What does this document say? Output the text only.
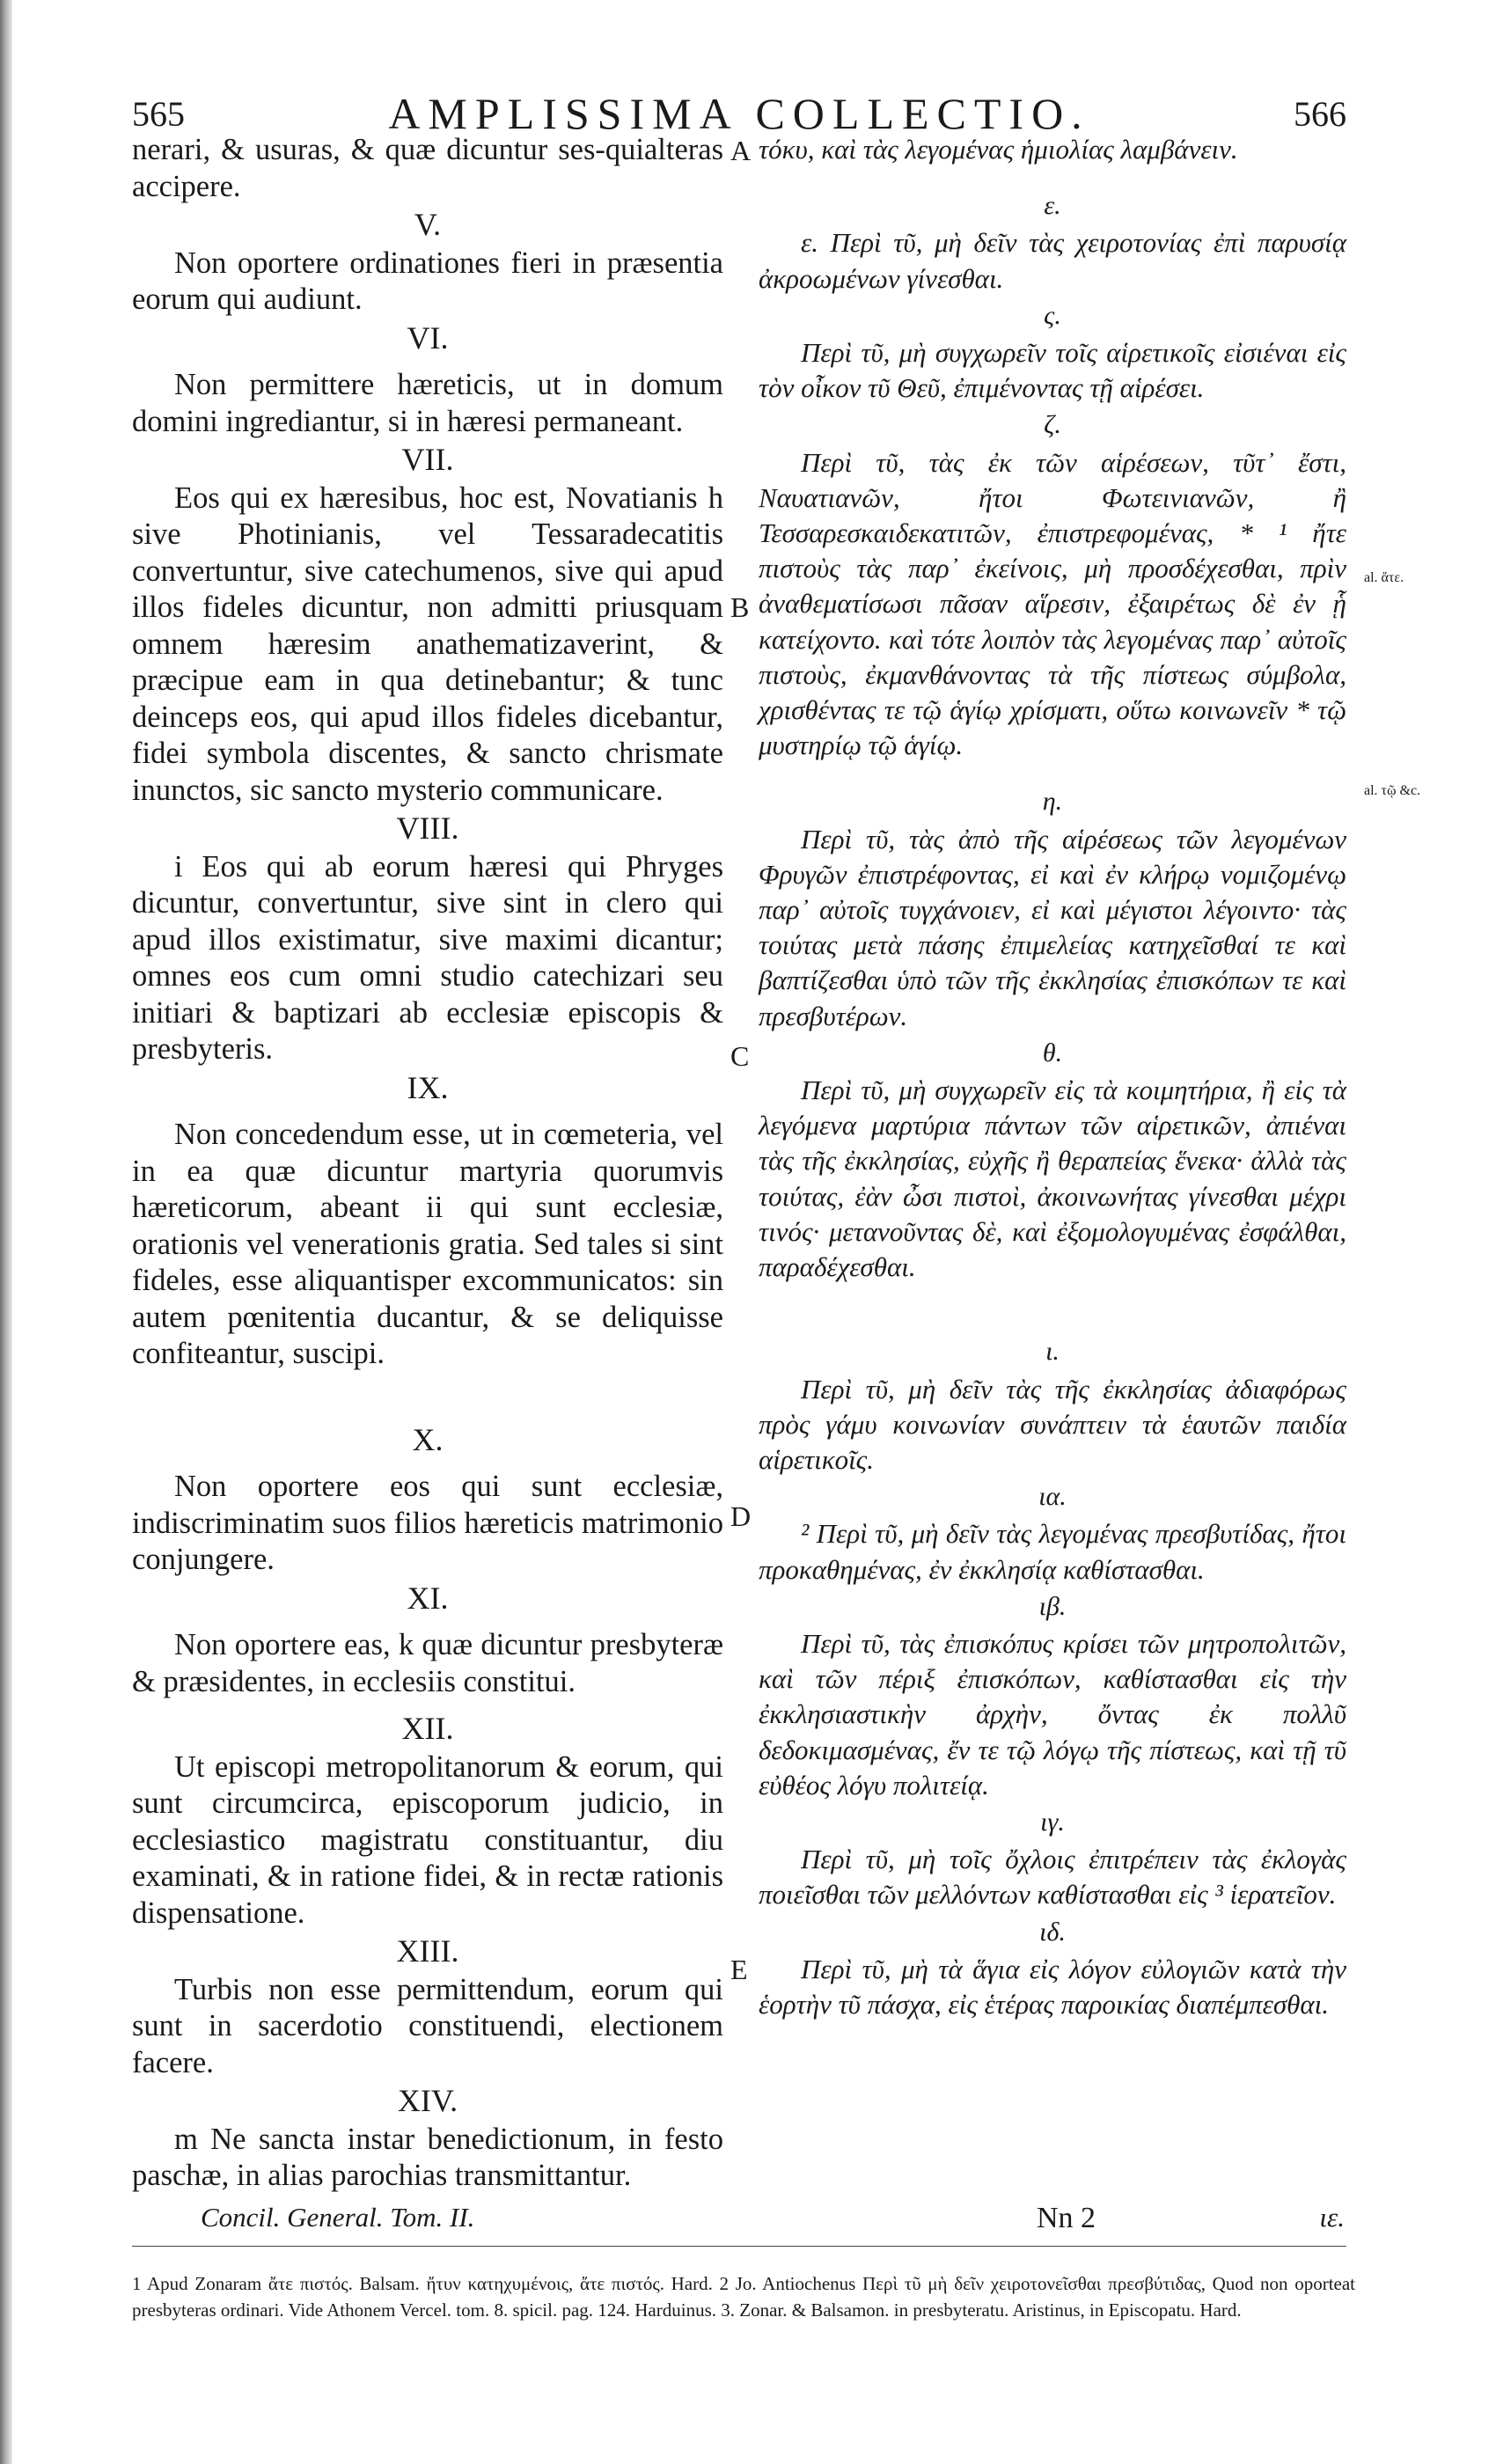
565	AMPLISSIMA COLLECTIO.	566

nerari, & usuras, & quæ dicuntur ses-quialteras accipere.

V.

Non oportere ordinationes fieri in præsentia eorum qui audiunt.

VI.

Non permittere hæreticis, ut in domum domini ingrediantur, si in hæresi permaneant.

VII.

Eos qui ex hæresibus, hoc est, Novatianis h sive Photinianis, vel Tessaradecatitis convertuntur, sive catechumenos, sive qui apud illos fideles dicuntur, non admitti priusquam omnem hæresim anathematizaverint, & præcipue eam in qua detinebantur; & tunc deinceps eos, qui apud illos fideles dicebantur, fidei symbola discentes, & sancto chrismate inunctos, sic sancto mysterio communicare.

VIII.

i Eos qui ab eorum hæresi qui Phryges dicuntur, convertuntur, sive sint in clero qui apud illos existimatur, sive maximi dicantur; omnes eos cum omni studio catechizari seu initiari & baptizari ab ecclesiæ episcopis & presbyteris.

IX.

Non concedendum esse, ut in cœmeteria, vel in ea quæ dicuntur martyria quorumvis hæreticorum, abeant ii qui sunt ecclesiæ, orationis vel venerationis gratia. Sed tales si sint fideles, esse aliquantisper excommunicatos: sin autem pœnitentia ducantur, & se deliquisse confiteantur, suscipi.

X.

Non oportere eos qui sunt ecclesiæ, indiscriminatim suos filios hæreticis matrimonio conjungere.

XI.

Non oportere eas, k quæ dicuntur presbyteræ & præsidentes, in ecclesiis constitui.

XII.

Ut episcopi metropolitanorum & eorum, qui sunt circumcirca, episcoporum judicio, in ecclesiastico magistratu constituantur, diu examinati, & in ratione fidei, & in rectæ rationis dispensatione.

XIII.

Turbis non esse permittendum, eorum qui sunt in sacerdotio constituendi, electionem facere.

XIV.

m Ne sancta instar benedictionum, in festo paschæ, in alias parochias transmittantur.

τόκυ, καὶ τὰς λεγομένας ἡμιολίας λαμβάνειν.

ε.

ε. Περὶ τῦ, μὴ δεῖν τὰς χειροτονίας ἐπὶ παρυσίᾳ ἀκροωμένων γίνεσθαι.

ς.

Περὶ τῦ, μὴ συγχωρεῖν τοῖς αἱρετικοῖς εἰσιέναι εἰς τὸν οἶκον τῦ Θεῦ, ἐπιμένοντας τῇ αἱρέσει.

ζ.

Περὶ τῦ, τὰς ἐκ τῶν αἱρέσεων, τῦτ᾽ ἔστι, Ναυατιανῶν, ἤτοι Φωτεινιανῶν, ἢ Τεσσαρεσκαιδεκατιτῶν, ἐπιστρεφομένας, * ¹ ἤτε πιστοὺς τὰς παρ᾽ ἐκείνοις, μὴ προσδέχεσθαι, πρὶν ἀναθεματίσωσι πᾶσαν αἵρεσιν, ἐξαιρέτως δὲ ἐν ᾗ κατείχοντο. καὶ τότε λοιπὸν τὰς λεγομένας παρ᾽ αὐτοῖς πιστοὺς, ἐκμανθάνοντας τὰ τῆς πίστεως σύμβολα, χρισθέντας τε τῷ ἁγίῳ χρίσματι, οὕτω κοινωνεῖν * τῷ μυστηρίῳ τῷ ἁγίῳ.

η.

Περὶ τῦ, τὰς ἀπὸ τῆς αἱρέσεως τῶν λεγομένων Φρυγῶν ἐπιστρέφοντας, εἰ καὶ ἐν κλήρῳ νομιζομένῳ παρ᾽ αὐτοῖς τυγχάνοιεν, εἰ καὶ μέγιστοι λέγοιντο· τὰς τοιύτας μετὰ πάσης ἐπιμελείας κατηχεῖσθαί τε καὶ βαπτίζεσθαι ὑπὸ τῶν τῆς ἐκκλησίας ἐπισκόπων τε καὶ πρεσβυτέρων.

θ.

Περὶ τῦ, μὴ συγχωρεῖν εἰς τὰ κοιμητήρια, ἢ εἰς τὰ λεγόμενα μαρτύρια πάντων τῶν αἱρετικῶν, ἀπιέναι τὰς τῆς ἐκκλησίας, εὐχῆς ἢ θεραπείας ἕνεκα· ἀλλὰ τὰς τοιύτας, ἐὰν ὦσι πιστοὶ, ἀκοινωνήτας γίνεσθαι μέχρι τινός· μετανοῦντας δὲ, καὶ ἐξομολογυμένας ἐσφάλθαι, παραδέχεσθαι.

ι.

Περὶ τῦ, μὴ δεῖν τὰς τῆς ἐκκλησίας ἀδιαφόρως πρὸς γάμυ κοινωνίαν συνάπτειν τὰ ἑαυτῶν παιδία αἱρετικοῖς.

ια.

² Περὶ τῦ, μὴ δεῖν τὰς λεγομένας πρεσβυτίδας, ἤτοι προκαθημένας, ἐν ἐκκλησίᾳ καθίστασθαι.

ιβ.

Περὶ τῦ, τὰς ἐπισκόπυς κρίσει τῶν μητροπολιτῶν, καὶ τῶν πέριξ ἐπισκόπων, καθίστασθαι εἰς τὴν ἐκκλησιαστικὴν ἀρχὴν, ὄντας ἐκ πολλῦ δεδοκιμασμένας, ἔν τε τῷ λόγῳ τῆς πίστεως, καὶ τῇ τῦ εὐθέος λόγυ πολιτείᾳ.

ιγ.

Περὶ τῦ, μὴ τοῖς ὄχλοις ἐπιτρέπειν τὰς ἐκλογὰς ποιεῖσθαι τῶν μελλόντων καθίστασθαι εἰς ³ ἱερατεῖον.

ιδ.

Περὶ τῦ, μὴ τὰ ἅγια εἰς λόγον εὐλογιῶν κατὰ τὴν ἑορτὴν τῦ πάσχα, εἰς ἑτέρας παροικίας διαπέμπεσθαι.

A
B
C
D
E
al. ἄτε.
al. τῷ &c.
Concil. General. Tom. II.	Nn 2	ιε.
1 Apud Zonaram ἄτε πιστός. Balsam. ἤτυν κατηχυμένοις, ἄτε πιστός. Hard. 2 Jo. Antiochenus Περὶ τῦ μὴ δεῖν χειροτονεῖσθαι πρεσβύτιδας, Quod non oporteat presbyteras ordinari. Vide Athonem Vercel. tom. 8. spicil. pag. 124. Harduinus. 3. Zonar. & Balsamon. in presbyteratu. Aristinus, in Episcopatu. Hard.
